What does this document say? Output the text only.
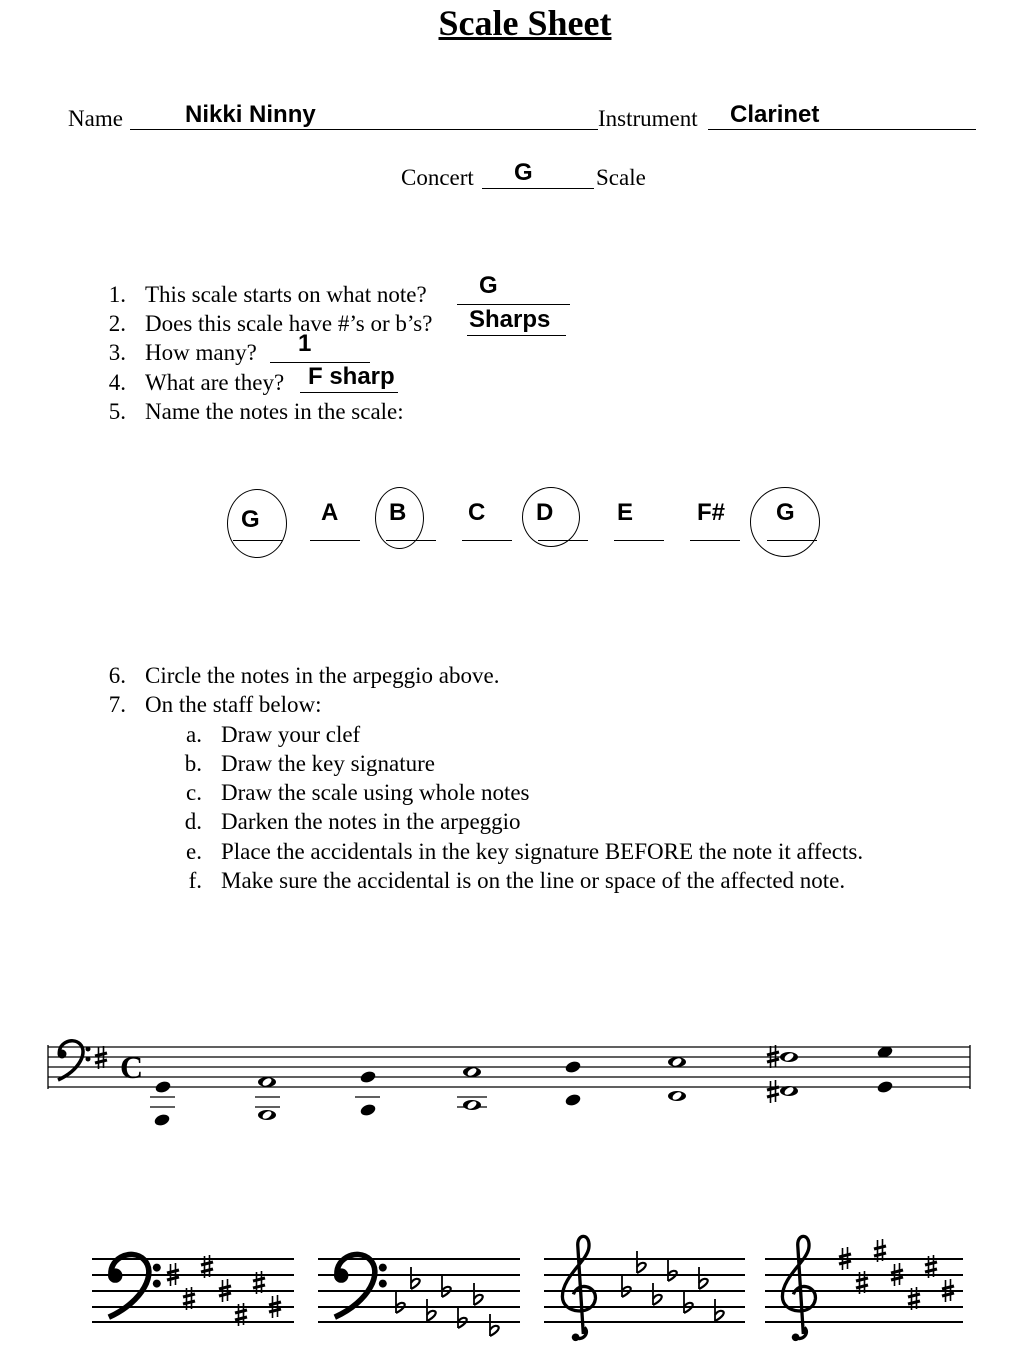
Scale Sheet
Name	Nikki Ninny	Instrument Clarinet
Concert G	Scale
1. This scale starts on what note? G
2. Does this scale have #’s or b’s? Sharps
3. How many? 1
4. What are they? F sharp
5. Name the notes in the scale:
G	A B	C D	E	F# G
6. Circle the notes in the arpeggio above.
7. On the staff below:
a. Draw your clef
b. Draw the key signature
c. Draw the scale using whole notes
d. Darken the notes in the arpeggio
e. Place the accidentals in the key signature BEFORE the note it affects.
f. Make sure the accidental is on the line or space of the affected note.
C
